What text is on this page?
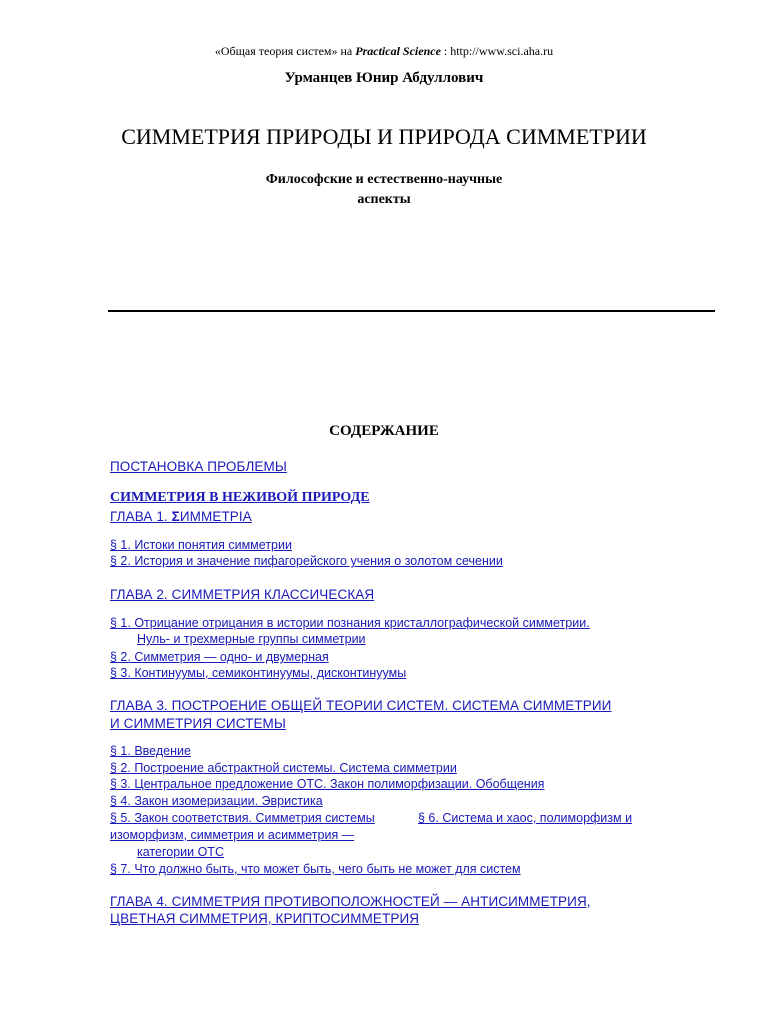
«Общая теория систем» на Practical Science : http://www.sci.aha.ru
Урманцев Юнир Абдуллович
СИММЕТРИЯ ПРИРОДЫ И ПРИРОДА СИММЕТРИИ
Философские и естественно-научные
аспекты
СОДЕРЖАНИЕ
ПОСТАНОВКА ПРОБЛЕМЫ
СИММЕТРИЯ В НЕЖИВОЙ ПРИРОДЕ
ГЛАВА 1. ΣИММЕТРIA
§ 1. Истоки понятия симметрии
§ 2. История и значение пифагорейского учения о золотом сечении
ГЛАВА 2. СИММЕТРИЯ КЛАССИЧЕСКАЯ
§ 1. Отрицание отрицания в истории познания кристаллографической симметрии.
Нуль- и трехмерные группы симметрии
§ 2. Симметрия — одно- и двумерная
§ 3. Континуумы, семиконтинуумы, дисконтинуумы
ГЛАВА 3. ПОСТРОЕНИЕ ОБЩЕЙ ТЕОРИИ СИСТЕМ. СИСТЕМА СИММЕТРИИ
И СИММЕТРИЯ СИСТЕМЫ
§ 1. Введение
§ 2. Построение абстрактной системы. Система симметрии
§ 3. Центральное предложение ОТС. Закон полиморфизации. Обобщения
§ 4. Закон изомеризации. Эвристика
§ 5. Закон соответствия. Симметрия системы	§ 6. Система и хаос, полиморфизм и
изоморфизм, симметрия и асимметрия —
категории ОТС
§ 7. Что должно быть, что может быть, чего быть не может для систем
ГЛАВА 4. СИММЕТРИЯ ПРОТИВОПОЛОЖНОСТЕЙ — АНТИСИММЕТРИЯ,
ЦВЕТНАЯ СИММЕТРИЯ, КРИПТОСИММЕТРИЯ
